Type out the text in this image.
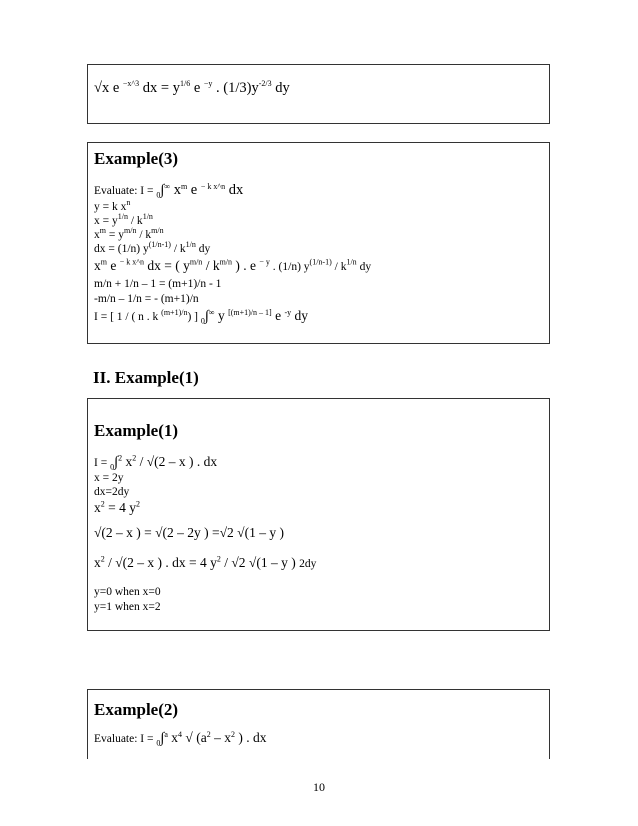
√x e $^{-x\^{}3}$ dx = $y^{1/6}$ e $^{-y}$ . $(1/3)y^{-2/3}$ dy
Example(3)
Evaluate: I = $_0$∫∞ $x^m$ e $^{- k x\^{}n}$ dx
y = k $x^n$
$x = y^{1/n} / k^{1/n}$
$x^m = y^{m/n} / k^{m/n}$
dx = (1/n) $y^{(1/n-1)} / k^{1/n}$ dy
$x^m$ e $^{- k x\^{}n}$ dx = ( $y^{m/n} / k^{m/n}$ ) . e $^{- y}$ . (1/n) $y^{(1/n-1)} / k^{1/n}$ dy
m/n + 1/n – 1 = (m+1)/n - 1
-m/n – 1/n = - (m+1)/n
I = [ 1 / ( n . k $^{(m+1)/n}$) ] $_0$∫∞ y [(m+1)/n – 1] e $^{-y}$ dy
II. Example(1)
Example(1)
I = $_0$∫$^2$ $x^2 / √(2$ – x ) . dx
x = 2y
dx=2dy
$x^2 = 4$ $y^2$
√(2 – x ) = √(2 – 2y ) =√2 √(1 – y )
$x^2 / √(2$ – x ) . dx = 4 $y^2 / √2$ √(1 – y ) 2dy
y=0 when x=0
y=1 when x=2
Example(2)
Evaluate: I = $_0$∫$^a$ $x^4$ √ ($a^2 - x^2$ ) . dx
10
